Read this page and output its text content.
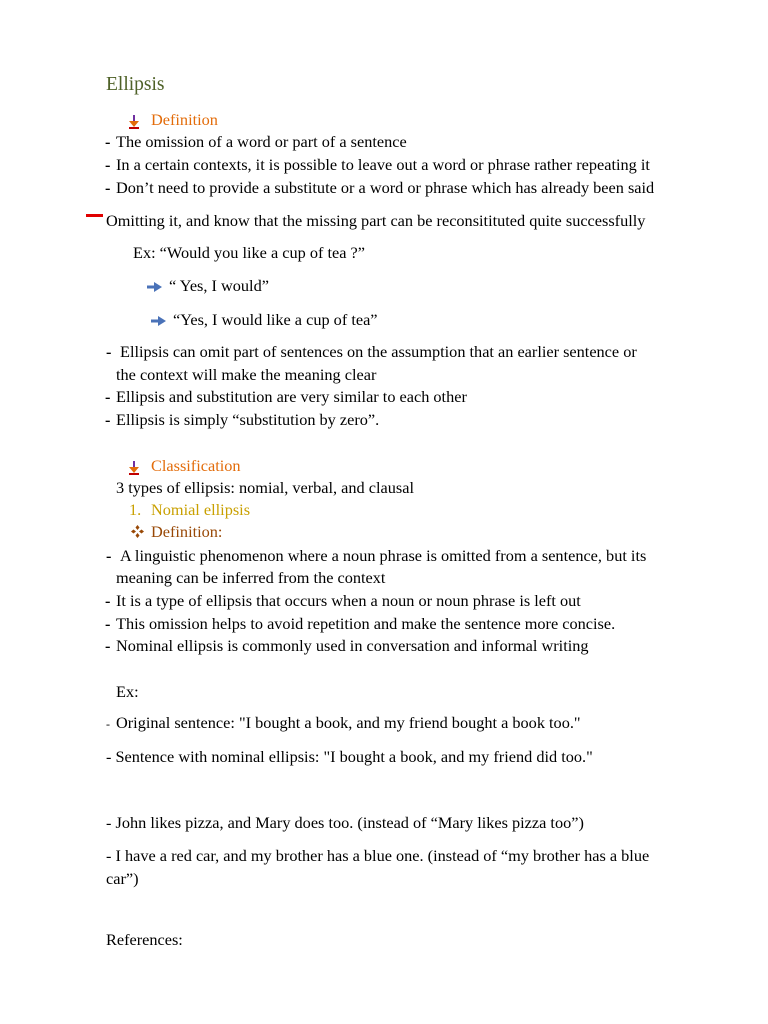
Ellipsis
Definition
- The omission of a word or part of a sentence
- In a certain contexts, it is possible to leave out a word or phrase rather repeating it
- Don’t need to provide a substitute or a word or phrase which has already been said
Omitting it, and know that the missing part can be reconsitituted quite successfully
Ex: “Would you like a cup of tea ?”
“ Yes, I would”
“Yes, I would like a cup of tea”
- Ellipsis can omit part of sentences on the assumption that an earlier sentence or
the context will make the meaning clear
- Ellipsis and substitution are very similar to each other
- Ellipsis is simply “substitution by zero”.
Classification
3 types of ellipsis: nomial, verbal, and clausal
1. Nomial ellipsis
Definition:
- A linguistic phenomenon where a noun phrase is omitted from a sentence, but its
meaning can be inferred from the context
- It is a type of ellipsis that occurs when a noun or noun phrase is left out
- This omission helps to avoid repetition and make the sentence more concise.
- Nominal ellipsis is commonly used in conversation and informal writing
Ex:
- Original sentence: "I bought a book, and my friend bought a book too."
- Sentence with nominal ellipsis: "I bought a book, and my friend did too."
- John likes pizza, and Mary does too. (instead of “Mary likes pizza too”)
- I have a red car, and my brother has a blue one. (instead of “my brother has a blue
car”)
References:
